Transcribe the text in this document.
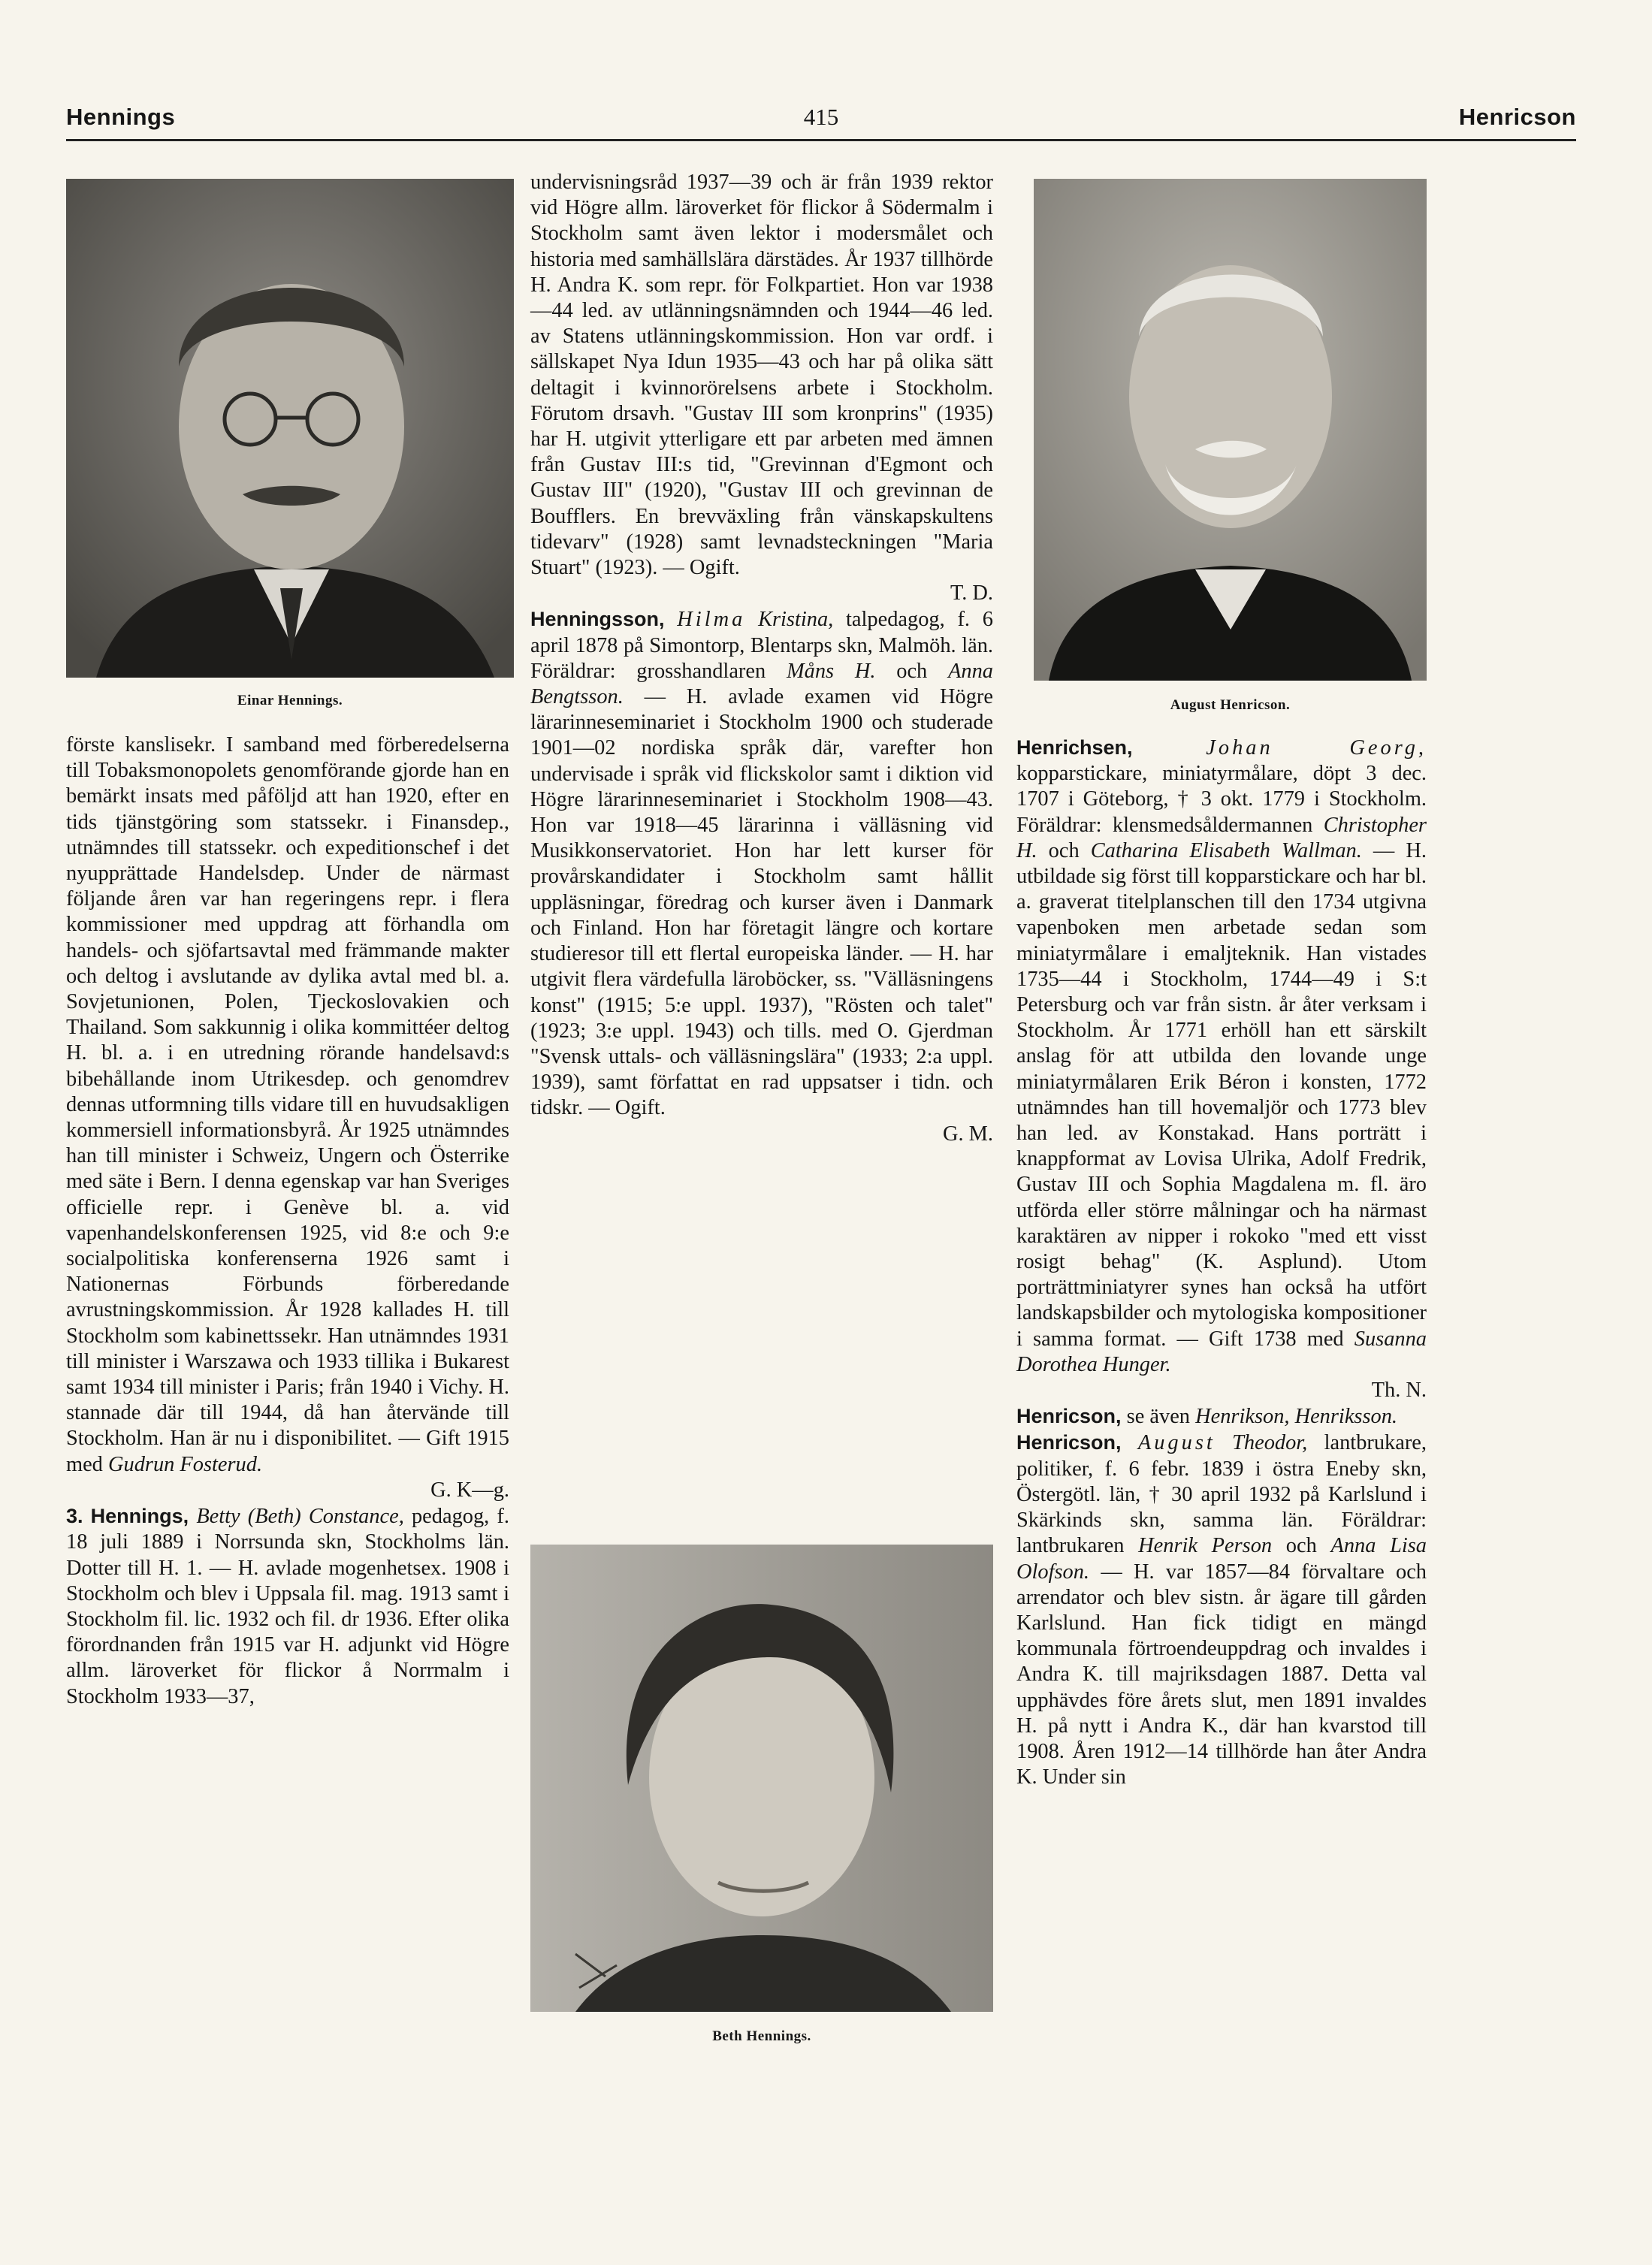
Hennings	415	Henricson
Einar Hennings.	August Henricson.
Beth Hennings.

förste kanslisekr. I samband med förberedelserna till Tobaksmonopolets genomförande gjorde han en bemärkt insats med påföljd att han 1920, efter en tids tjänstgöring som statssekr. i Finansdep., utnämndes till statssekr. och expeditionschef i det nyupprättade Handelsdep. Under de närmast följande åren var han regeringens repr. i flera kommissioner med uppdrag att förhandla om handels- och sjöfartsavtal med främmande makter och deltog i avslutande av dylika avtal med bl. a. Sovjetunionen, Polen, Tjeckoslovakien och Thailand. Som sakkunnig i olika kommittéer deltog H. bl. a. i en utredning rörande handelsavd:s bibehållande inom Utrikesdep. och genomdrev dennas utformning tills vidare till en huvudsakligen kommersiell informationsbyrå. År 1925 utnämndes han till minister i Schweiz, Ungern och Österrike med säte i Bern. I denna egenskap var han Sveriges officielle repr. i Genève bl. a. vid vapenhandelskonferensen 1925, vid 8:e och 9:e socialpolitiska konferenserna 1926 samt i Nationernas Förbunds förberedande avrustningskommission. År 1928 kallades H. till Stockholm som kabinettssekr. Han utnämndes 1931 till minister i Warszawa och 1933 tillika i Bukarest samt 1934 till minister i Paris; från 1940 i Vichy. H. stannade där till 1944, då han återvände till Stockholm. Han är nu i disponibilitet. — Gift 1915 med Gudrun Fosterud.
G. K—g.

3. Hennings, Betty (Beth) Constance, pedagog, f. 18 juli 1889 i Norrsunda skn, Stockholms län. Dotter till H. 1. — H. avlade mogenhetsex. 1908 i Stockholm och blev i Uppsala fil. mag. 1913 samt i Stockholm fil. lic. 1932 och fil. dr 1936. Efter olika förordnanden från 1915 var H. adjunkt vid Högre allm. läroverket för flickor å Norrmalm i Stockholm 1933—37,

undervisningsråd 1937—39 och är från 1939 rektor vid Högre allm. läroverket för flickor å Södermalm i Stockholm samt även lektor i modersmålet och historia med samhällslära därstädes. År 1937 tillhörde H. Andra K. som repr. för Folkpartiet. Hon var 1938—44 led. av utlänningsnämnden och 1944—46 led. av Statens utlänningskommission. Hon var ordf. i sällskapet Nya Idun 1935—43 och har på olika sätt deltagit i kvinnorörelsens arbete i Stockholm. Förutom drsavh. "Gustav III som kronprins" (1935) har H. utgivit ytterligare ett par arbeten med ämnen från Gustav III:s tid, "Grevinnan d'Egmont och Gustav III" (1920), "Gustav III och grevinnan de Boufflers. En brevväxling från vänskapskultens tidevarv" (1928) samt levnadsteckningen "Maria Stuart" (1923). — Ogift.
T. D.

Henningsson, Hilma Kristina, talpedagog, f. 6 april 1878 på Simontorp, Blentarps skn, Malmöh. län. Föräldrar: grosshandlaren Måns H. och Anna Bengtsson. — H. avlade examen vid Högre lärarinneseminariet i Stockholm 1900 och studerade 1901—02 nordiska språk där, varefter hon undervisade i språk vid flickskolor samt i diktion vid Högre lärarinneseminariet i Stockholm 1908—43. Hon var 1918—45 lärarinna i välläsning vid Musikkonservatoriet. Hon har lett kurser för provårskandidater i Stockholm samt hållit uppläsningar, föredrag och kurser även i Danmark och Finland. Hon har företagit längre och kortare studieresor till ett flertal europeiska länder. — H. har utgivit flera värdefulla läroböcker, ss. "Välläsningens konst" (1915; 5:e uppl. 1937), "Rösten och talet" (1923; 3:e uppl. 1943) och tills. med O. Gjerdman "Svensk uttals- och välläsningslära" (1933; 2:a uppl. 1939), samt författat en rad uppsatser i tidn. och tidskr. — Ogift.
G. M.

Henrichsen,	Johan Georg, kopparstickare, miniatyrmålare, döpt 3 dec. 1707 i Göteborg, † 3 okt. 1779 i Stockholm. Föräldrar: klensmedsåldermannen Christopher H. och Catharina Elisabeth Wallman. — H. utbildade sig först till kopparstickare och har bl. a. graverat titelplanschen till den 1734 utgivna vapenboken men arbetade sedan som miniatyrmålare i emaljteknik. Han vistades 1735—44 i Stockholm, 1744—49 i S:t Petersburg och var från sistn. år åter verksam i Stockholm. År 1771 erhöll han ett särskilt anslag för att utbilda den lovande unge miniatyrmålaren Erik Béron i konsten, 1772 utnämndes han till hovemaljör och 1773 blev han led. av Konstakad. Hans porträtt i knappformat av Lovisa Ulrika, Adolf Fredrik, Gustav III och Sophia Magdalena m. fl. äro utförda eller större målningar och ha närmast karaktären av nipper i rokoko "med ett visst rosigt behag" (K. Asplund). Utom porträttminiatyrer synes han också ha utfört landskapsbilder och mytologiska kompositioner i samma format. — Gift 1738 med Susanna Dorothea Hunger.
Th. N.

Henricson, se även Henrikson, Henriksson.

Henricson, August Theodor, lantbrukare, politiker, f. 6 febr. 1839 i östra Eneby skn, Östergötl. län, † 30 april 1932 på Karlslund i Skärkinds skn, samma län. Föräldrar: lantbrukaren Henrik Person och Anna Lisa Olofson. — H. var 1857—84 förvaltare och arrendator och blev sistn. år ägare till gården Karlslund. Han fick tidigt en mängd kommunala förtroendeuppdrag och invaldes i Andra K. till majriksdagen 1887. Detta val upphävdes före årets slut, men 1891 invaldes H. på nytt i Andra K., där han kvarstod till 1908. Åren 1912—14 tillhörde han åter Andra K. Under sin
